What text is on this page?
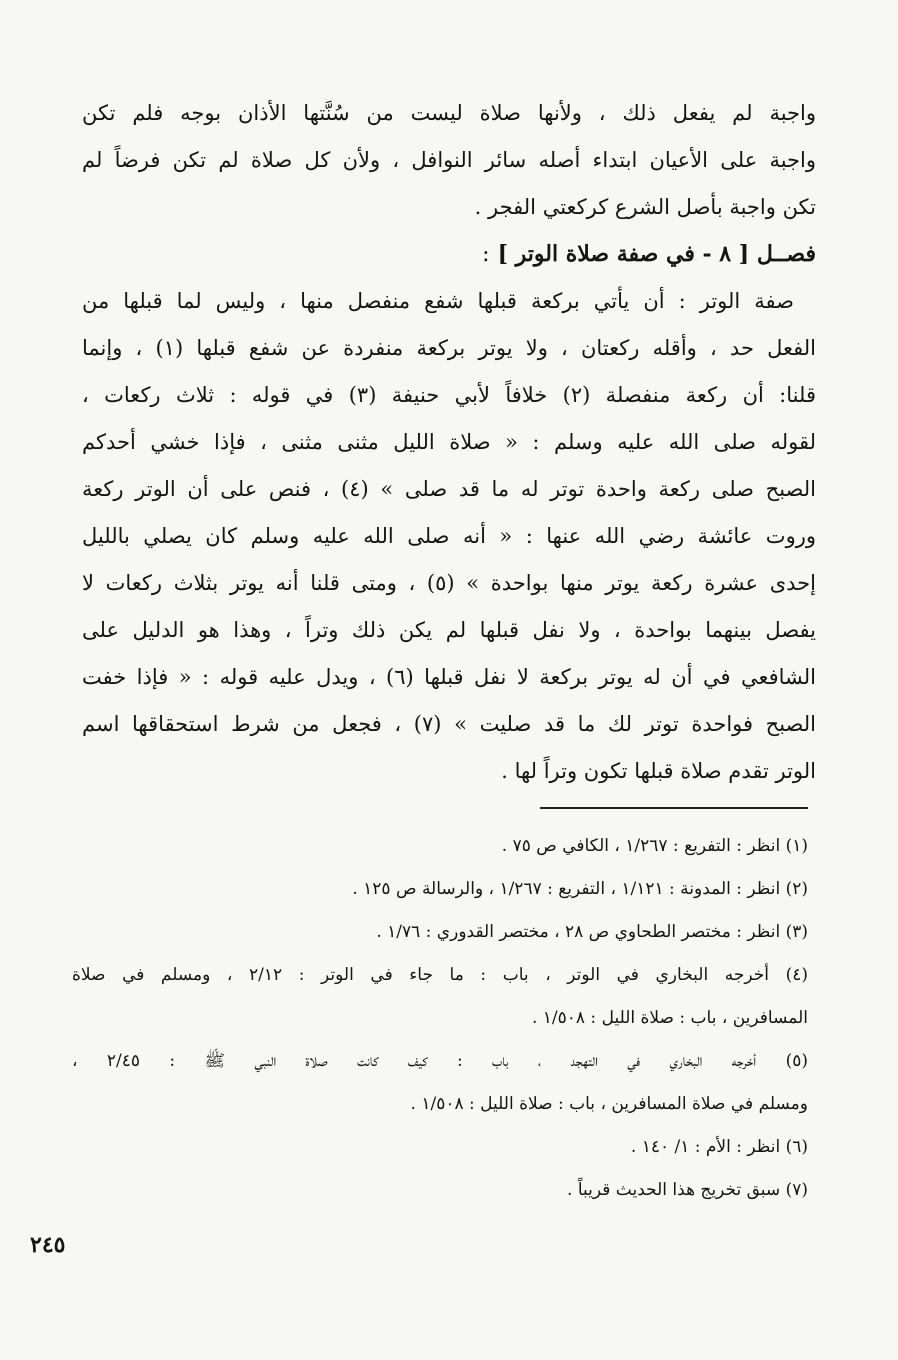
واجبة لم يفعل ذلك ، ولأنها صلاة ليست من سُنَّتها الأذان بوجه فلم تكن
واجبة على الأعيان ابتداء أصله سائر النوافل ، ولأن كل صلاة لم تكن فرضاً لم
تكن واجبة بأصل الشرع كركعتي الفجر .
فصــل [ ٨ - في صفة صلاة الوتر ]:
صفة الوتر : أن يأتي بركعة قبلها شفع منفصل منها ، وليس لما قبلها من
الفعل حد ، وأقله ركعتان ، ولا يوتر بركعة منفردة عن شفع قبلها (١) ، وإنما
قلنا: أن ركعة منفصلة (٢) خلافاً لأبي حنيفة (٣) في قوله : ثلاث ركعات ،
لقوله صلى الله عليه وسلم : « صلاة الليل مثنى مثنى ، فإذا خشي أحدكم
الصبح صلى ركعة واحدة توتر له ما قد صلى » (٤) ، فنص على أن الوتر ركعة
وروت عائشة رضي الله عنها : « أنه صلى الله عليه وسلم كان يصلي بالليل
إحدى عشرة ركعة يوتر منها بواحدة » (٥) ، ومتى قلنا أنه يوتر بثلاث ركعات لا
يفصل بينهما بواحدة ، ولا نفل قبلها لم يكن ذلك وتراً ، وهذا هو الدليل على
الشافعي في أن له يوتر بركعة لا نفل قبلها (٦) ، ويدل عليه قوله : « فإذا خفت
الصبح فواحدة توتر لك ما قد صليت » (٧) ، فجعل من شرط استحقاقها اسم
الوتر تقدم صلاة قبلها تكون وتراً لها .
(١) انظر : التفريع : ١/٢٦٧ ، الكافي ص ٧٥ .
(٢) انظر : المدونة : ١/١٢١ ، التفريع : ١/٢٦٧ ، والرسالة ص ١٢٥ .
(٣) انظر : مختصر الطحاوي ص ٢٨ ، مختصر القدوري : ١/٧٦ .
(٤) أخرجه البخاري في الوتر ، باب : ما جاء في الوتر : ٢/١٢ ، ومسلم في صلاة
المسافرين ، باب : صلاة الليل : ١/٥٠٨ .
(٥) أخرجه البخاري في التهجد ، باب : كيف كانت صلاة النبي ﷺ : ٢/٤٥ ،
ومسلم في صلاة المسافرين ، باب : صلاة الليل : ١/٥٠٨ .
(٦) انظر : الأم : ١/ ١٤٠ .
(٧) سبق تخريج هذا الحديث قريباً .
٢٤٥
